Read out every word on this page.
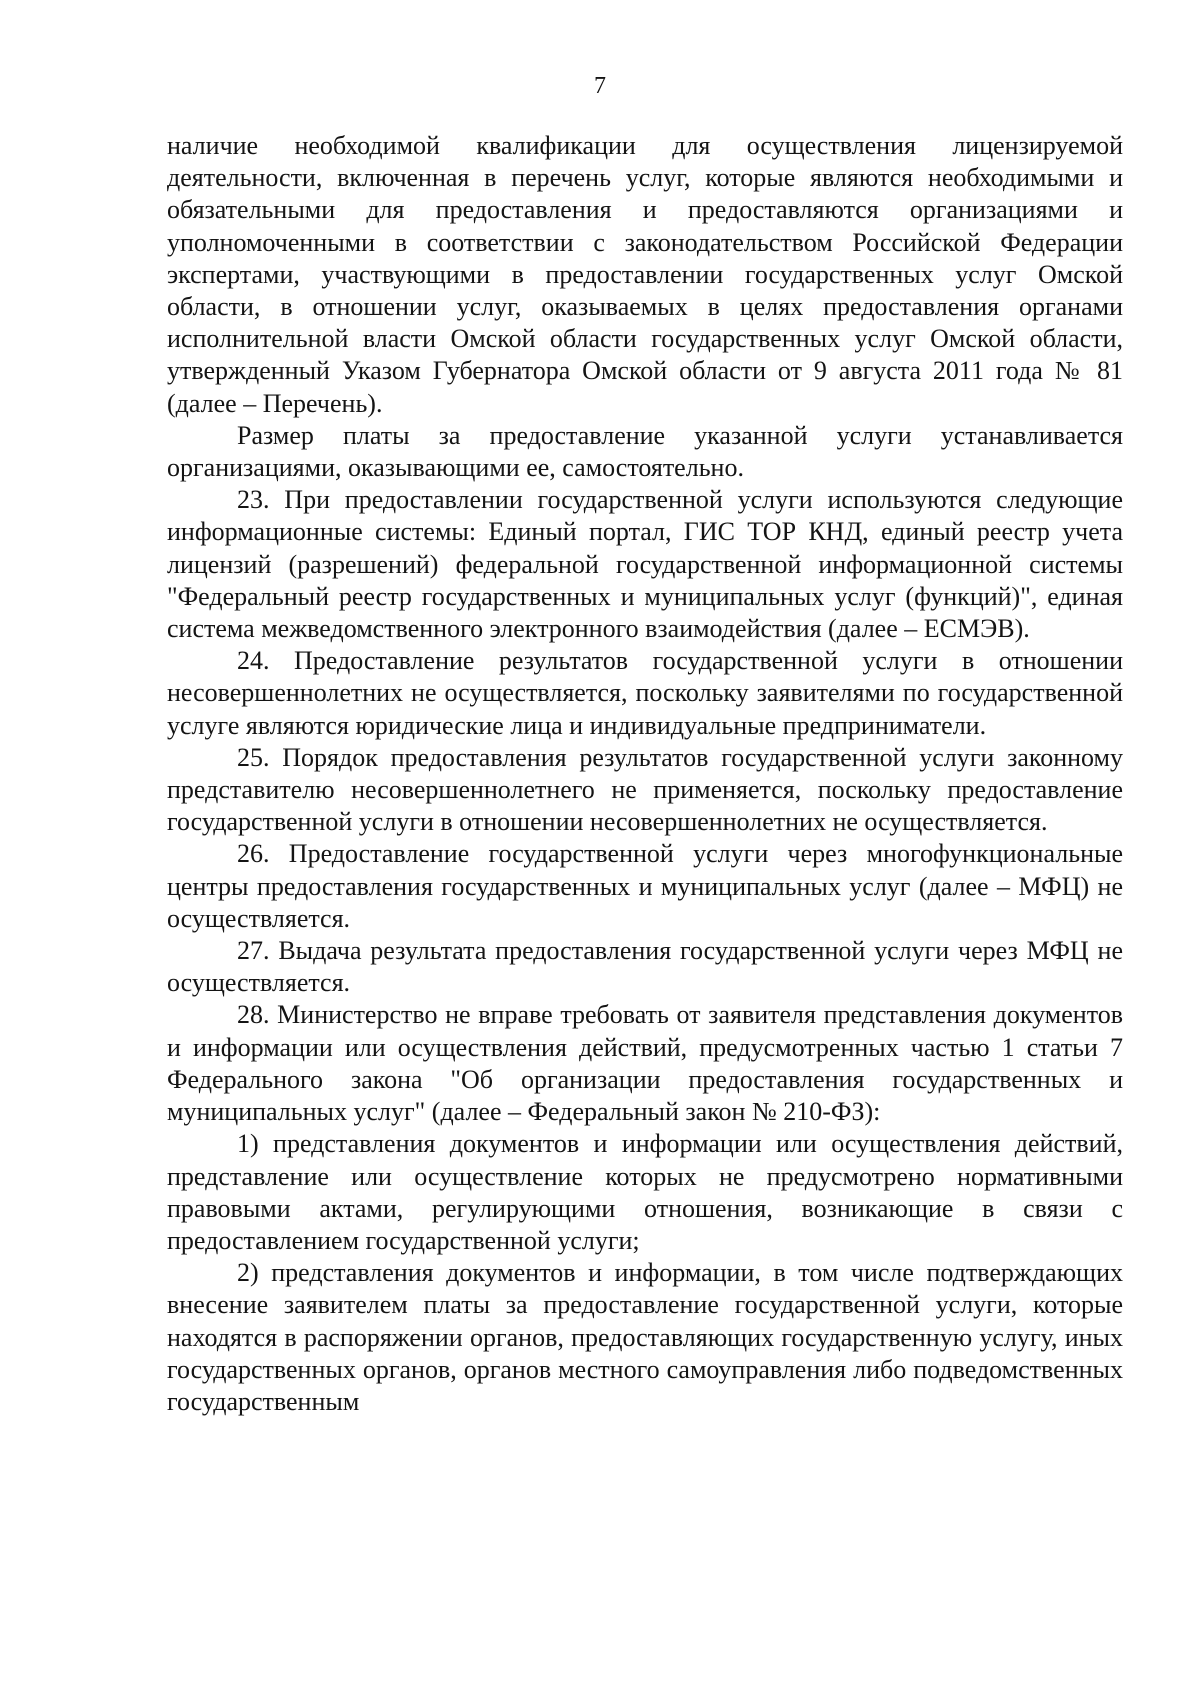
7

наличие необходимой квалификации для осуществления лицензируемой деятельности, включенная в перечень услуг, которые являются необходимыми и обязательными для предоставления и предоставляются организациями и уполномоченными в соответствии с законодательством Российской Федерации экспертами, участвующими в предоставлении государственных услуг Омской области, в отношении услуг, оказываемых в целях предоставления органами исполнительной власти Омской области государственных услуг Омской области, утвержденный Указом Губернатора Омской области от 9 августа 2011 года № 81 (далее – Перечень).

Размер платы за предоставление указанной услуги устанавливается организациями, оказывающими ее, самостоятельно.

23. При предоставлении государственной услуги используются следующие информационные системы: Единый портал, ГИС ТОР КНД, единый реестр учета лицензий (разрешений) федеральной государственной информационной системы "Федеральный реестр государственных и муниципальных услуг (функций)", единая система межведомственного электронного взаимодействия (далее – ЕСМЭВ).

24. Предоставление результатов государственной услуги в отношении несовершеннолетних не осуществляется, поскольку заявителями по государственной услуге являются юридические лица и индивидуальные предприниматели.

25. Порядок предоставления результатов государственной услуги законному представителю несовершеннолетнего не применяется, поскольку предоставление государственной услуги в отношении несовершеннолетних не осуществляется.

26. Предоставление государственной услуги через многофункциональные центры предоставления государственных и муниципальных услуг (далее – МФЦ) не осуществляется.

27. Выдача результата предоставления государственной услуги через МФЦ не осуществляется.

28. Министерство не вправе требовать от заявителя представления документов и информации или осуществления действий, предусмотренных частью 1 статьи 7 Федерального закона "Об организации предоставления государственных и муниципальных услуг" (далее – Федеральный закон № 210-ФЗ):

1) представления документов и информации или осуществления действий, представление или осуществление которых не предусмотрено нормативными правовыми актами, регулирующими отношения, возникающие в связи с предоставлением государственной услуги;

2) представления документов и информации, в том числе подтверждающих внесение заявителем платы за предоставление государственной услуги, которые находятся в распоряжении органов, предоставляющих государственную услугу, иных государственных органов, органов местного самоуправления либо подведомственных государственным
